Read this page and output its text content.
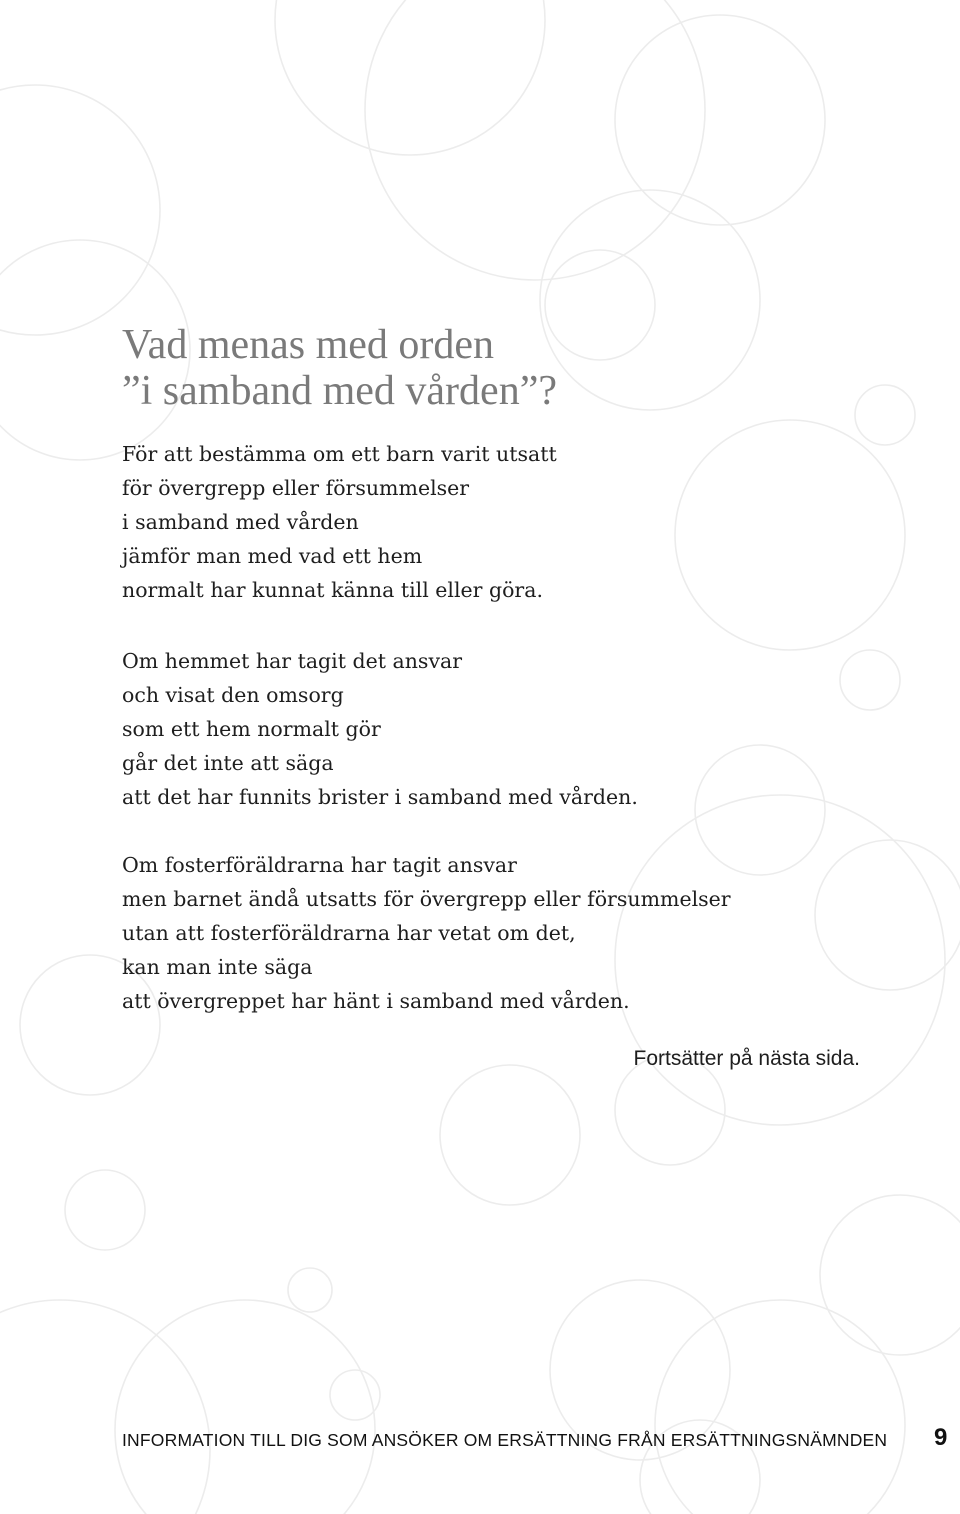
Vad menas med orden
”i samband med vården”?

För att bestämma om ett barn varit utsatt
för övergrepp eller försummelser
i samband med vården
jämför man med vad ett hem
normalt har kunnat känna till eller göra.

Om hemmet har tagit det ansvar
och visat den omsorg
som ett hem normalt gör
går det inte att säga
att det har funnits brister i samband med vården.

Om fosterföräldrarna har tagit ansvar
men barnet ändå utsatts för övergrepp eller försummelser
utan att fosterföräldrarna har vetat om det,
kan man inte säga
att övergreppet har hänt i samband med vården.

Fortsätter på nästa sida.
INFORMATION TILL DIG SOM ANSÖKER OM ERSÄTTNING FRÅN ERSÄTTNINGSNÄMNDEN 9
